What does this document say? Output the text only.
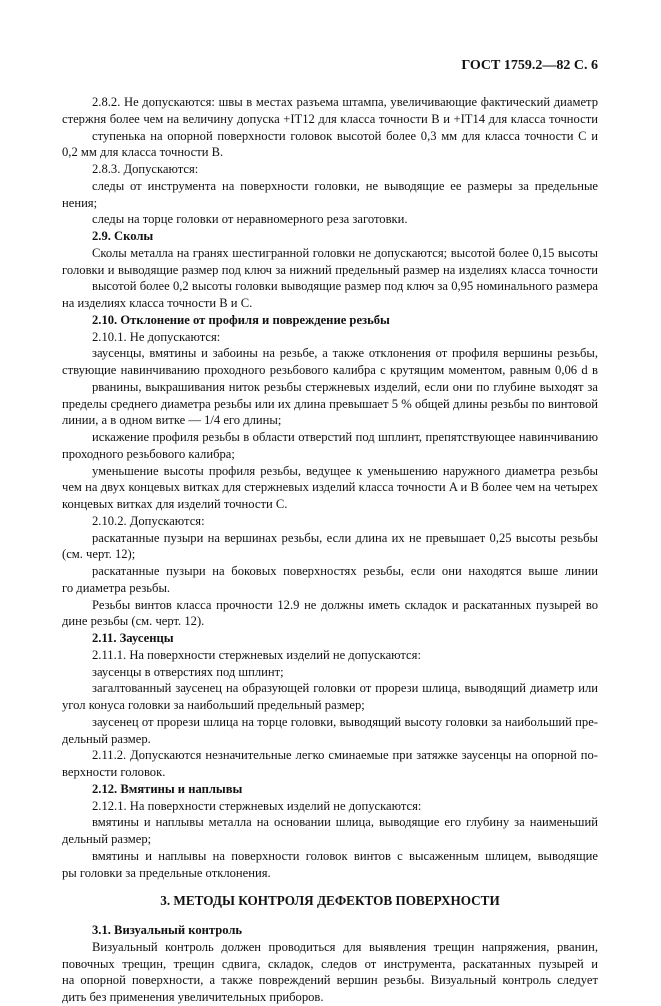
ГОСТ 1759.2—82 С. 6
2.8.2. Не допускаются: швы в местах разъема штампа, увеличивающие фактический диаметр
стержня более чем на величину допуска +IT12 для класса точности B и +IT14 для класса точности
ступенька на опорной поверхности головок высотой более 0,3 мм для класса точности C и
0,2 мм для класса точности B.
2.8.3. Допускаются:
следы от инструмента на поверхности головки, не выводящие ее размеры за предельные
нения;
следы на торце головки от неравномерного реза заготовки.
2.9. Сколы
Сколы металла на гранях шестигранной головки не допускаются; высотой более 0,15 высоты
головки и выводящие размер под ключ за нижний предельный размер на изделиях класса точности
высотой более 0,2 высоты головки выводящие размер под ключ за 0,95 номинального размера
на изделиях класса точности B и C.
2.10. Отклонение от профиля и повреждение резьбы
2.10.1. Не допускаются:
заусенцы, вмятины и забоины на резьбе, а также отклонения от профиля вершины резьбы,
ствующие навинчиванию проходного резьбового калибра с крутящим моментом, равным 0,06 d в
рванины, выкрашивания ниток резьбы стержневых изделий, если они по глубине выходят за
пределы среднего диаметра резьбы или их длина превышает 5 % общей длины резьбы по винтовой
линии, а в одном витке — 1/4 его длины;
искажение профиля резьбы в области отверстий под шплинт, препятствующее навинчиванию
проходного резьбового калибра;
уменьшение высоты профиля резьбы, ведущее к уменьшению наружного диаметра резьбы
чем на двух концевых витках для стержневых изделий класса точности A и B более чем на четырех
концевых витках для изделий точности C.
2.10.2. Допускаются:
раскатанные пузыри на вершинах резьбы, если длина их не превышает 0,25 высоты резьбы
(см. черт. 12);
раскатанные пузыри на боковых поверхностях резьбы, если они находятся выше линии
го диаметра резьбы.
Резьбы винтов класса прочности 12.9 не должны иметь складок и раскатанных пузырей во
дине резьбы (см. черт. 12).
2.11. Заусенцы
2.11.1. На поверхности стержневых изделий не допускаются:
заусенцы в отверстиях под шплинт;
загалтованный заусенец на образующей головки от прорези шлица, выводящий диаметр или
угол конуса головки за наибольший предельный размер;
заусенец от прорези шлица на торце головки, выводящий высоту головки за наибольший пре-
дельный размер.
2.11.2. Допускаются незначительные легко сминаемые при затяжке заусенцы на опорной по-
верхности головок.
2.12. Вмятины и наплывы
2.12.1. На поверхности стержневых изделий не допускаются:
вмятины и наплывы металла на основании шлица, выводящие его глубину за наименьший
дельный размер;
вмятины и наплывы на поверхности головок винтов с высаженным шлицем, выводящие
ры головки за предельные отклонения.
3. МЕТОДЫ КОНТРОЛЯ ДЕФЕКТОВ ПОВЕРХНОСТИ
3.1. Визуальный контроль
Визуальный контроль должен проводиться для выявления трещин напряжения, рванин,
повочных трещин, трещин сдвига, складок, следов от инструмента, раскатанных пузырей и
на опорной поверхности, а также повреждений вершин резьбы. Визуальный контроль следует
дить без применения увеличительных приборов.
